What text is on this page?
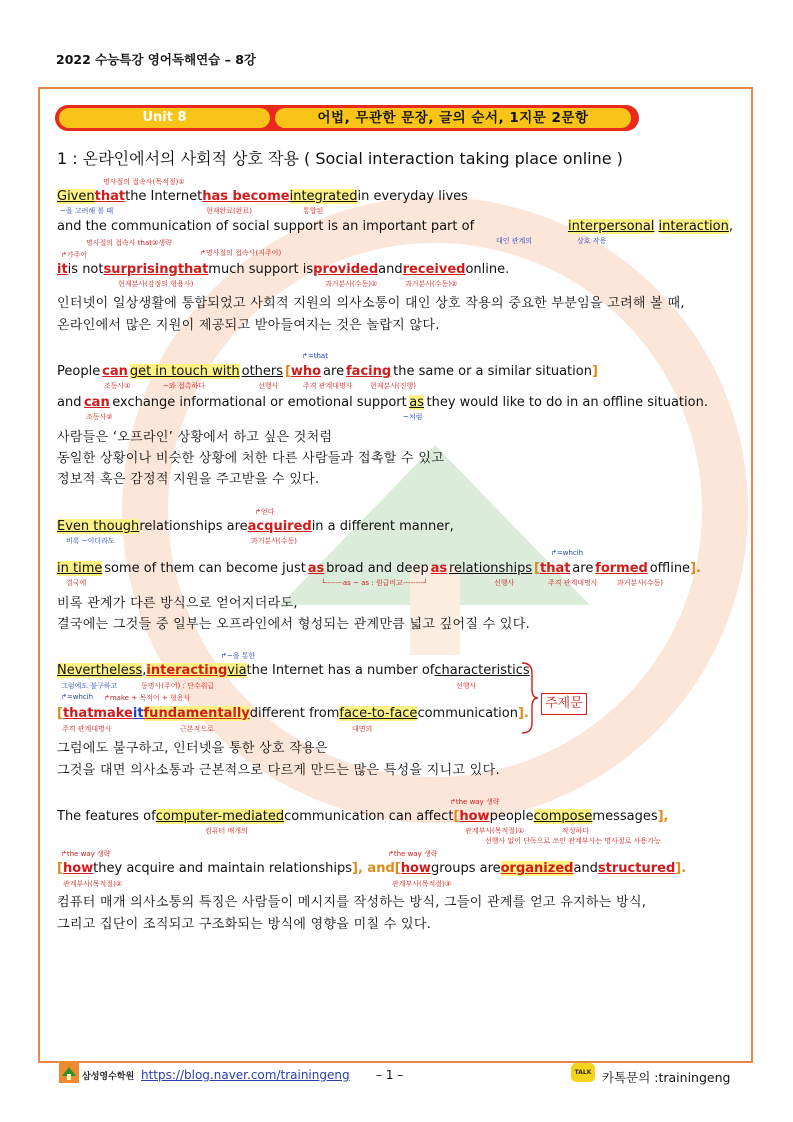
2022 수능특강 영어독해연습 – 8강
Unit 8	어법, 무관한 문장, 글의 순서, 1지문 2문항
1 : 온라인에서의 사회적 상호 작용 ( Social interaction taking place online )
명사절의 접속사(목적절)①
Given that the Internet has become integrated in everyday lives
~을 고려해 볼 때	현재완료(완료)	통합된
and the communication of social support is an important part of	interpersonal interaction,
대인 관계의	상호 작용
명사절의 접속사 that②생략
↱명사절의 접속사(지주어)
↱가주어
it is not surprising that much support is provided and received online.
현재분사(감정의 형용사)	과거분사(수동)①	과거분사(수동)②
인터넷이 일상생활에 통합되었고 사회적 지원의 의사소통이 대인 상호 작용의 중요한 부분임을 고려해 볼 때,
온라인에서 많은 지원이 제공되고 받아들여지는 것은 놀랍지 않다.
↱=that
People can get in touch with others [who are facing the same or a similar situation]
조동사①	~와 접촉하다	선행사	주격 관계대명사 현재분사(진행)
and can exchange informational or emotional support as they would like to do in an offline situation.
조동사②	~처럼
사람들은 ‘오프라인’ 상황에서 하고 싶은 것처럼
동일한 상황이나 비슷한 상황에 처한 다른 사람들과 접촉할 수 있고
정보적 혹은 감정적 지원을 주고받을 수 있다.
↱얻다
Even though relationships are acquired in a different manner,
비록 ~이더라도	과거분사(수동)
↱=whcih
in time some of them can become just as broad and deep as relationships [that are formed offline].
결국에	└-------as ~ as : 원급비교--------┘	선행사	주격 관계대명사	과거분사(수동)
비록 관계가 다른 방식으로 얻어지더라도,
결국에는 그것들 중 일부는 오프라인에서 형성되는 관계만큼 넓고 깊어질 수 있다.
↱~을 통한
Nevertheless, interacting via the Internet has a number of characteristics
그럼에도 불구하고	동명사(주어) : 단수취급	선행사
↱=whcih ↱make + 목적어 + 형용사
[that make it fundamentally different from face-to-face communication].
주격 관계대명사	근본적으로	대면의
주제문
그럼에도 불구하고, 인터넷을 통한 상호 작용은
그것을 대면 의사소통과 근본적으로 다르게 만드는 많은 특성을 지니고 있다.
↱the way 생략
The features of computer-mediated communication can affect [how people compose messages],
컴퓨터 매개의	관계부사(목적절)①	작성하다
선행사 없이 단독으로 쓰인 관계부사는 명사절로 사용가능
↱the way 생략	↱the way 생략
[how they acquire and maintain relationships ], and [how groups are organized and structured].
관계부사(목적절)②	관계부사(목적절)③
컴퓨터 매개 의사소통의 특징은 사람들이 메시지를 작성하는 방식, 그들이 관계를 얻고 유지하는 방식,
그리고 집단이 조직되고 구조화되는 방식에 영향을 미칠 수 있다.
삼성영수학원 https://blog.naver.com/trainingeng – 1 –	TALK 카톡문의 :trainingeng
